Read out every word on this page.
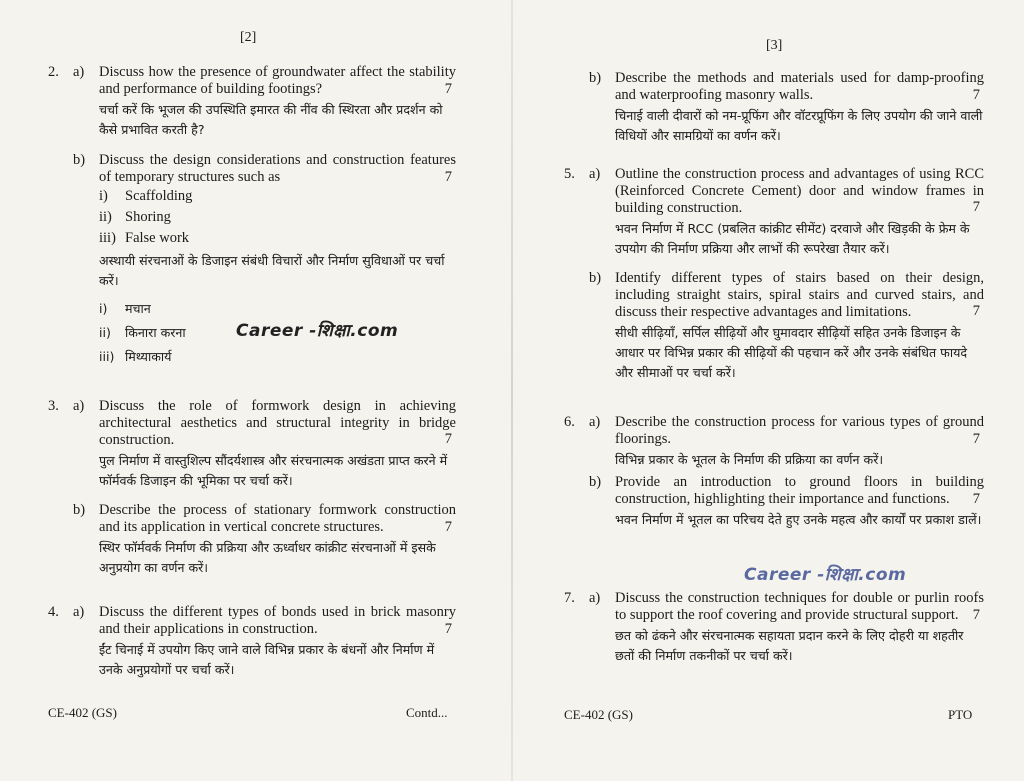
[2]
2. a)	Discuss how the presence of groundwater affect the stability and performance of building footings?	7
चर्चा करें कि भूजल की उपस्थिति इमारत की नींव की स्थिरता और प्रदर्शन को कैसे प्रभावित करती है?
b) Discuss the design considerations and construction features of temporary structures such as	7
i)	Scaffolding
ii) Shoring
iii) False work
अस्थायी संरचनाओं के डिजाइन संबंधी विचारों और निर्माण सुविधाओं पर चर्चा करें।
i)	मचान
ii)	किनारा करना
iii) मिथ्याकार्य
Career -शिक्षा.com
3. a)	Discuss the role of formwork design in achieving architectural aesthetics and structural integrity in bridge construction.	7
पुल निर्माण में वास्तुशिल्प सौंदर्यशास्त्र और संरचनात्मक अखंडता प्राप्त करने में फॉर्मवर्क डिजाइन की भूमिका पर चर्चा करें।
b) Describe the process of stationary formwork construction and its application in vertical concrete structures.	7
स्थिर फॉर्मवर्क निर्माण की प्रक्रिया और ऊर्ध्वाधर कांक्रीट संरचनाओं में इसके अनुप्रयोग का वर्णन करें।
4. a)	Discuss the different types of bonds used in brick masonry and their applications in construction.	7
ईंट चिनाई में उपयोग किए जाने वाले विभिन्न प्रकार के बंधनों और निर्माण में उनके अनुप्रयोगों पर चर्चा करें।
CE-402 (GS)	Contd...
[3]
b) Describe the methods and materials used for damp-proofing and waterproofing masonry walls.	7
चिनाई वाली दीवारों को नम-प्रूफिंग और वॉटरप्रूफिंग के लिए उपयोग की जाने वाली विधियों और सामग्रियों का वर्णन करें।
5. a)	Outline the construction process and advantages of using RCC (Reinforced Concrete Cement) door and window frames in building construction.	7
भवन निर्माण में RCC (प्रबलित कांक्रीट सीमेंट) दरवाजे और खिड़की के फ्रेम के उपयोग की निर्माण प्रक्रिया और लाभों की रूपरेखा तैयार करें।
b) Identify different types of stairs based on their design, including straight stairs, spiral stairs and curved stairs, and discuss their respective advantages and limitations.	7
सीधी सीढ़ियाँ, सर्पिल सीढ़ियों और घुमावदार सीढ़ियों सहित उनके डिजाइन के आधार पर विभिन्न प्रकार की सीढ़ियों की पहचान करें और उनके संबंधित फायदे और सीमाओं पर चर्चा करें।
6. a)	Describe the construction process for various types of ground floorings.	7
विभिन्न प्रकार के भूतल के निर्माण की प्रक्रिया का वर्णन करें।
b) Provide an introduction to ground floors in building construction, highlighting their importance and functions.	7
भवन निर्माण में भूतल का परिचय देते हुए उनके महत्व और कार्यों पर प्रकाश डालें।
Career -शिक्षा.com
7. a)	Discuss the construction techniques for double or purlin roofs to support the roof covering and provide structural support. 7
छत को ढंकने और संरचनात्मक सहायता प्रदान करने के लिए दोहरी या शहतीर छतों की निर्माण तकनीकों पर चर्चा करें।
CE-402 (GS)	PTO
